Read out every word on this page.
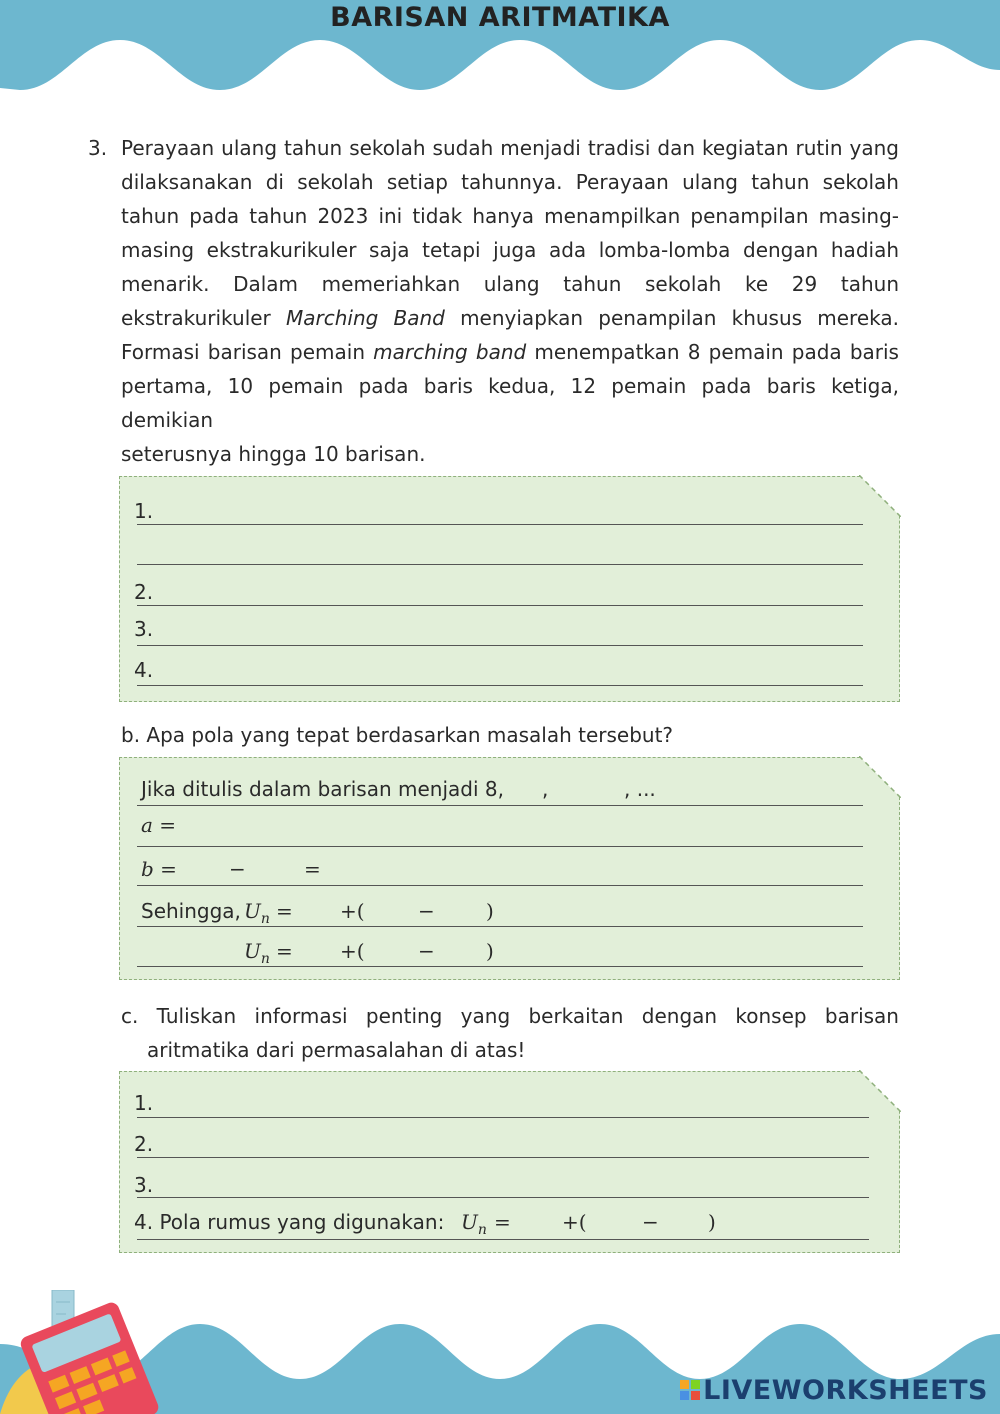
BARISAN ARITMATIKA
3. Perayaan ulang tahun sekolah sudah menjadi tradisi dan kegiatan rutin yang
dilaksanakan di sekolah setiap tahunnya. Perayaan ulang tahun sekolah
tahun pada tahun 2023 ini tidak hanya menampilkan penampilan masing-
masing ekstrakurikuler saja tetapi juga ada lomba-lomba dengan hadiah
menarik. Dalam memeriahkan ulang tahun sekolah ke 29 tahun
ekstrakurikuler Marching Band menyiapkan penampilan khusus mereka.
Formasi barisan pemain marching band menempatkan 8 pemain pada baris
pertama, 10 pemain pada baris kedua, 12 pemain pada baris ketiga, demikian
seterusnya hingga 10 barisan.
1.
2.
3.
4.
b. Apa pola yang tepat berdasarkan masalah tersebut?
Jika ditulis dalam barisan menjadi 8, ,	, ...
a =
b =	−	=
Sehingga, $U_n$ = +(	−	)
$U_n$ = +(	−	)
c. Tuliskan informasi penting yang berkaitan dengan konsep barisan
aritmatika dari permasalahan di atas!
1.
2.
3.
4. Pola rumus yang digunakan: $U_n$ =	+(	− )
LIVEWORKSHEETS
